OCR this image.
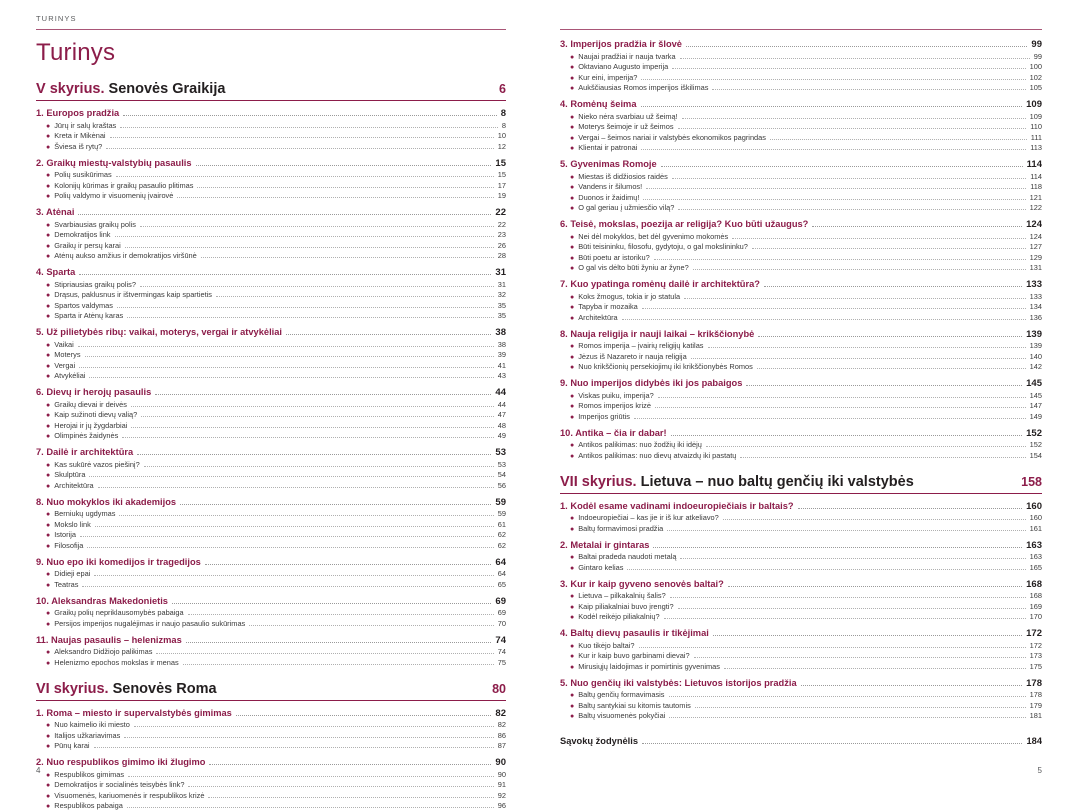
TURINYS
Turinys
V skyrius. Senovės Graikija	6
1. Europos pradžia	8
● Jūrų ir salų kraštas	8
● Kreta ir Mikėnai	10
● Šviesa iš rytų?	12
2. Graikų miestų-valstybių pasaulis	15
● Polių susikūrimas	15
● Kolonijų kūrimas ir graikų pasaulio plitimas	17
● Polių valdymo ir visuomenių įvairovė	19
3. Atėnai	22
● Svarbiausias graikų polis	22
● Demokratijos link	23
● Graikų ir persų karai	26
● Atėnų aukso amžius ir demokratijos viršūnė	28
4. Sparta	31
● Stipriausias graikų polis?	31
● Drąsus, paklusnus ir ištvermingas kaip spartietis	32
● Spartos valdymas	35
● Sparta ir Atėnų karas	35
5. Už pilietybės ribų: vaikai, moterys, vergai ir atvykėliai	38
● Vaikai	38
● Moterys	39
● Vergai	41
● Atvykėliai	43
6. Dievų ir herojų pasaulis	44
● Graikų dievai ir deivės	44
● Kaip sužinoti dievų valią?	47
● Herojai ir jų žygdarbiai	48
● Olimpinės žaidynės	49
7. Dailė ir architektūra	53
● Kas sukūrė vazos piešinį?	53
● Skulptūra	54
● Architektūra	56
8. Nuo mokyklos iki akademijos	59
● Berniukų ugdymas	59
● Mokslo link	61
● Istorija	62
● Filosofija	62
9. Nuo epo iki komedijos ir tragedijos	64
● Didieji epai	64
● Teatras	65
10. Aleksandras Makedonietis	69
● Graikų polių nepriklausomybės pabaiga	69
● Persijos imperijos nugalėjimas ir naujo pasaulio sukūrimas	70
11. Naujas pasaulis – helenizmas	74
● Aleksandro Didžiojo palikimas	74
● Helenizmo epochos mokslas ir menas	75
VI skyrius. Senovės Roma	80
1. Roma – miesto ir supervalstybės gimimas	82
● Nuo kaimelio iki miesto	82
● Italijos užkariavimas	86
● Pūnų karai	87
2. Nuo respublikos gimimo iki žlugimo	90
● Respublikos gimimas	90
● Demokratijos ir socialinės teisybės link?	91
● Visuomenės, kariuomenės ir respublikos krizė	92
● Respublikos pabaiga	96
4
3. Imperijos pradžia ir šlovė	99
● Naujai pradžiai ir nauja tvarka	99
● Oktaviano Augusto imperija	100
● Kur eini, imperija?	102
● Aukščiausias Romos imperijos iškilimas	105
4. Romėnų šeima	109
● Nieko nėra svarbiau už šeimą!	109
● Moterys šeimoje ir už šeimos	110
● Vergai – šeimos nariai ir valstybės ekonomikos pagrindas	111
● Klientai ir patronai	113
5. Gyvenimas Romoje	114
● Miestas iš didžiosios raidės	114
● Vandens ir šilumos!	118
● Duonos ir žaidimų!	121
● O gal geriau į užmiesčio vilą?	122
6. Teisė, mokslas, poezija ar religija? Kuo būti užaugus?	124
● Nei dėl mokyklos, bet dėl gyvenimo mokomės	124
● Būti teisininku, filosofu, gydytoju, o gal mokslininku?	127
● Būti poetu ar istoriku?	129
● O gal vis dėlto būti žyniu ar žyne?	131
7. Kuo ypatinga romėnų dailė ir architektūra?	133
● Koks žmogus, tokia ir jo statula	133
● Tapyba ir mozaika	134
● Architektūra	136
8. Nauja religija ir nauji laikai – krikščionybė	139
● Romos imperija – įvairių religijų katilas	139
● Jėzus iš Nazareto ir nauja religija	140
● Nuo krikščionių persekiojimų iki krikščionybės Romos	142
9. Nuo imperijos didybės iki jos pabaigos	145
● Viskas puiku, imperija?	145
● Romos imperijos krizė	147
● Imperijos griūtis	149
10. Antika – čia ir dabar!	152
● Antikos palikimas: nuo žodžių iki idėjų	152
● Antikos palikimas: nuo dievų atvaizdų iki pastatų	154
VII skyrius. Lietuva – nuo baltų genčių iki valstybės	158
1. Kodėl esame vadinami indoeuropiečiais ir baltais?	160
● Indoeuropiečiai – kas jie ir iš kur atkeliavo?	160
● Baltų formavimosi pradžia	161
2. Metalai ir gintaras	163
● Baltai pradeda naudoti metalą	163
● Gintaro kelias	165
3. Kur ir kaip gyveno senovės baltai?	168
● Lietuva – pilkakalnių šalis?	168
● Kaip piliakalniai buvo įrengti?	169
● Kodėl reikėjo piliakalnių?	170
4. Baltų dievų pasaulis ir tikėjimai	172
● Kuo tikėjo baltai?	172
● Kur ir kaip buvo garbinami dievai?	173
● Mirusiųjų laidojimas ir pomirtinis gyvenimas	175
5. Nuo genčių iki valstybės: Lietuvos istorijos pradžia	178
● Baltų genčių formavimasis	178
● Baltų santykiai su kitomis tautomis	179
● Baltų visuomenės pokyčiai	181
Sąvokų žodynėlis	184
5
